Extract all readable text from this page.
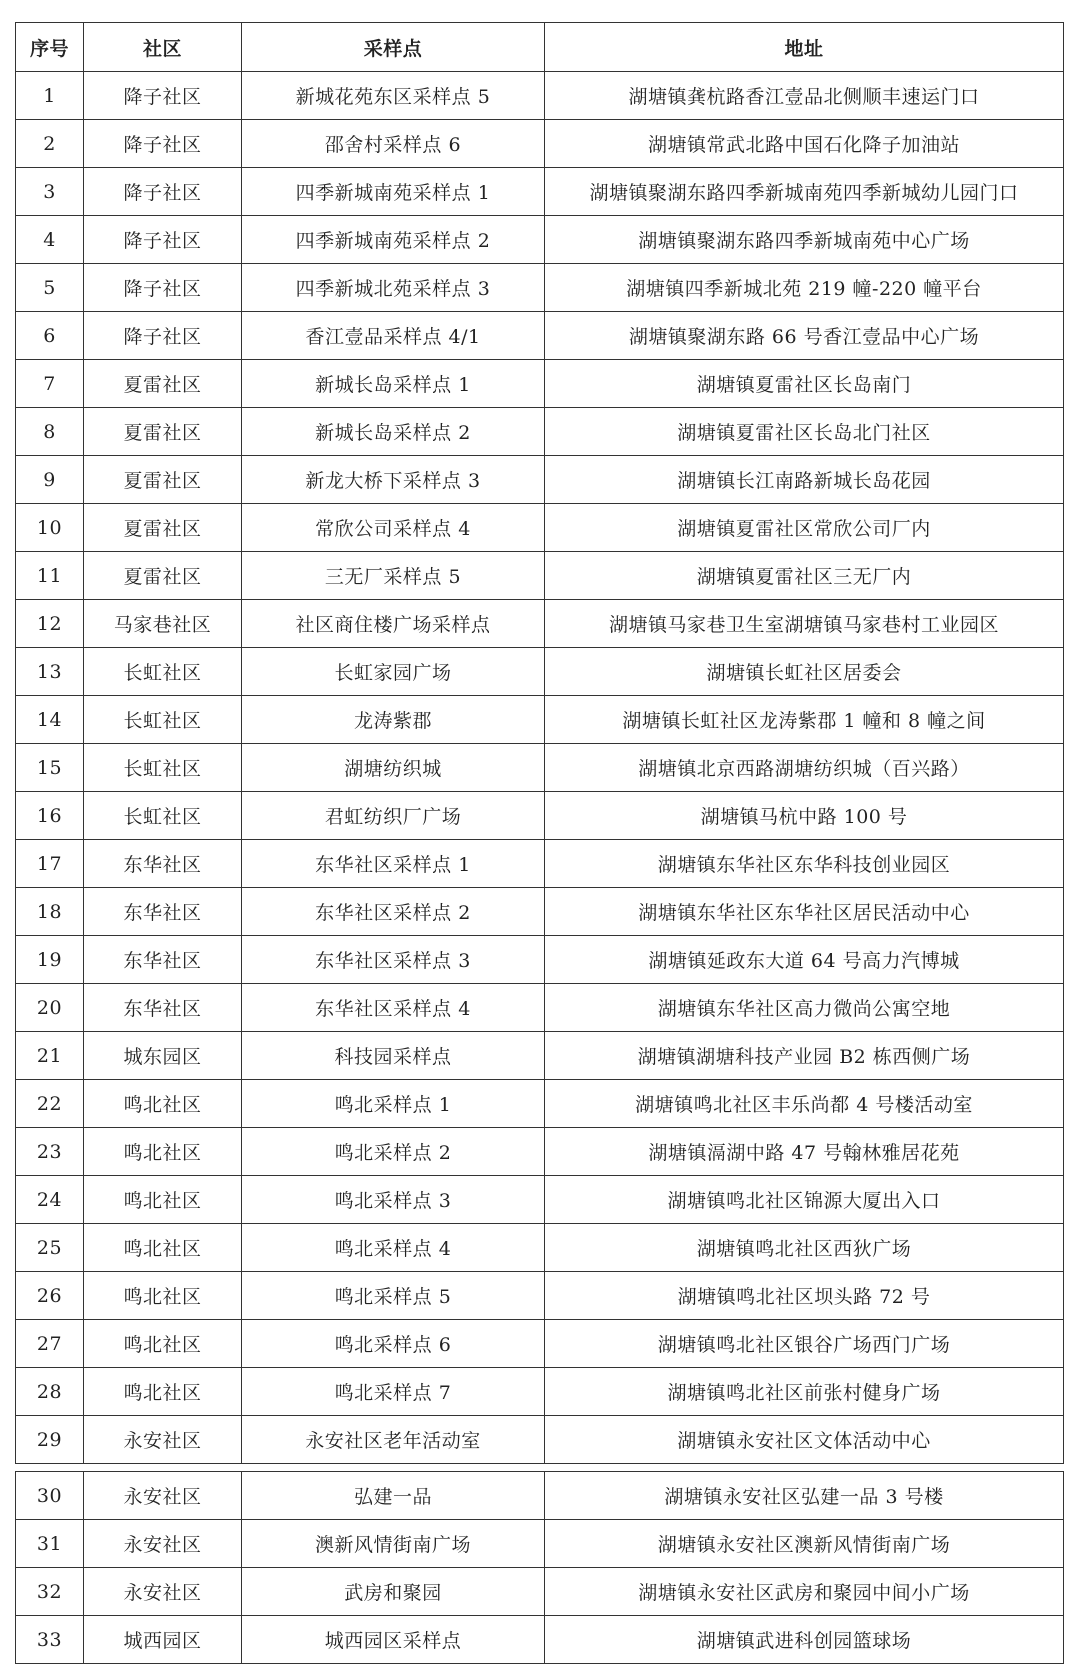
序号	社区	采样点	地址
1	降子社区	新城花苑东区采样点 5	湖塘镇龚杭路香江壹品北侧顺丰速运门口
2	降子社区	邵舍村采样点 6	湖塘镇常武北路中国石化降子加油站
3	降子社区	四季新城南苑采样点 1	湖塘镇聚湖东路四季新城南苑四季新城幼儿园门口
4	降子社区	四季新城南苑采样点 2	湖塘镇聚湖东路四季新城南苑中心广场
5	降子社区	四季新城北苑采样点 3	湖塘镇四季新城北苑 219 幢-220 幢平台
6	降子社区	香江壹品采样点 4/1	湖塘镇聚湖东路 66 号香江壹品中心广场
7	夏雷社区	新城长岛采样点 1	湖塘镇夏雷社区长岛南门
8	夏雷社区	新城长岛采样点 2	湖塘镇夏雷社区长岛北门社区
9	夏雷社区	新龙大桥下采样点 3	湖塘镇长江南路新城长岛花园
10	夏雷社区	常欣公司采样点 4	湖塘镇夏雷社区常欣公司厂内
11	夏雷社区	三无厂采样点 5	湖塘镇夏雷社区三无厂内
12	马家巷社区	社区商住楼广场采样点	湖塘镇马家巷卫生室湖塘镇马家巷村工业园区
13	长虹社区	长虹家园广场	湖塘镇长虹社区居委会
14	长虹社区	龙涛紫郡	湖塘镇长虹社区龙涛紫郡 1 幢和 8 幢之间
15	长虹社区	湖塘纺织城	湖塘镇北京西路湖塘纺织城（百兴路）
16	长虹社区	君虹纺织厂广场	湖塘镇马杭中路 100 号
17	东华社区	东华社区采样点 1	湖塘镇东华社区东华科技创业园区
18	东华社区	东华社区采样点 2	湖塘镇东华社区东华社区居民活动中心
19	东华社区	东华社区采样点 3	湖塘镇延政东大道 64 号高力汽博城
20	东华社区	东华社区采样点 4	湖塘镇东华社区高力微尚公寓空地
21	城东园区	科技园采样点	湖塘镇湖塘科技产业园 B2 栋西侧广场
22	鸣北社区	鸣北采样点 1	湖塘镇鸣北社区丰乐尚都 4 号楼活动室
23	鸣北社区	鸣北采样点 2	湖塘镇滆湖中路 47 号翰林雅居花苑
24	鸣北社区	鸣北采样点 3	湖塘镇鸣北社区锦源大厦出入口
25	鸣北社区	鸣北采样点 4	湖塘镇鸣北社区西狄广场
26	鸣北社区	鸣北采样点 5	湖塘镇鸣北社区坝头路 72 号
27	鸣北社区	鸣北采样点 6	湖塘镇鸣北社区银谷广场西门广场
28	鸣北社区	鸣北采样点 7	湖塘镇鸣北社区前张村健身广场
29	永安社区	永安社区老年活动室	湖塘镇永安社区文体活动中心
30	永安社区	弘建一品	湖塘镇永安社区弘建一品 3 号楼
31	永安社区	澳新风情街南广场	湖塘镇永安社区澳新风情街南广场
32	永安社区	武房和聚园	湖塘镇永安社区武房和聚园中间小广场
33	城西园区	城西园区采样点	湖塘镇武进科创园篮球场
